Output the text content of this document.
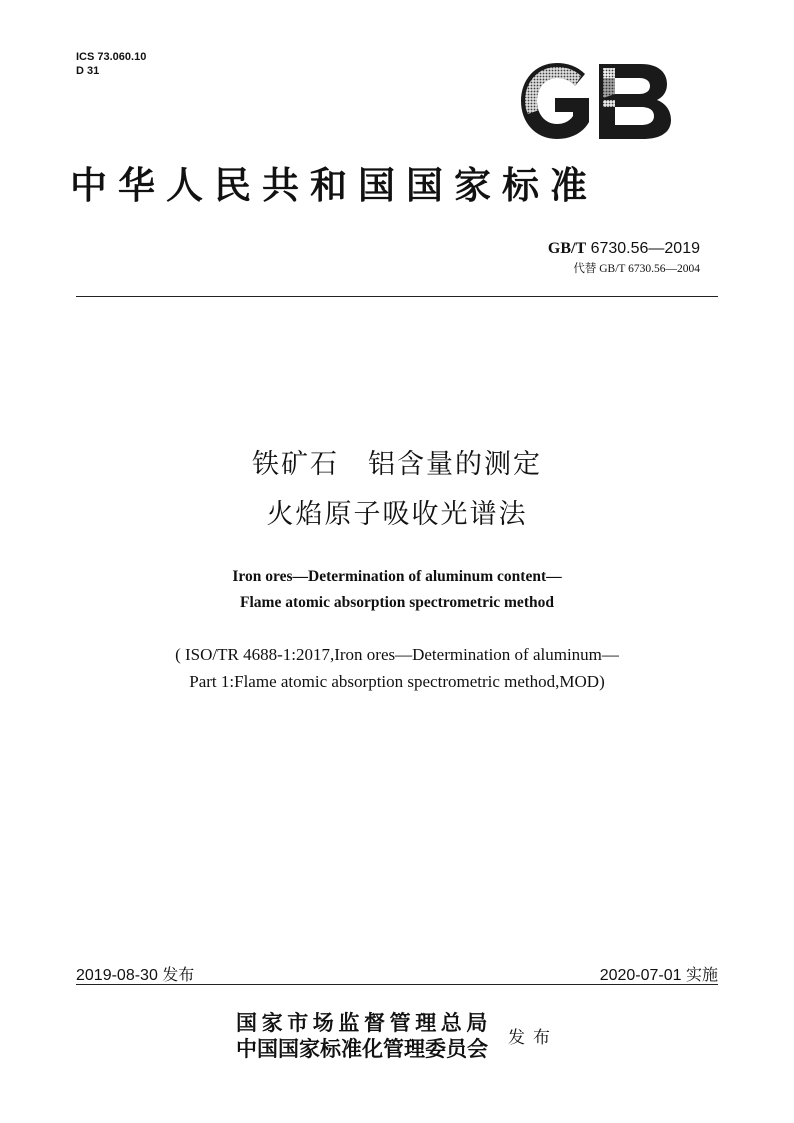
ICS 73.060.10
D 31
中华人民共和国国家标准
GB/T 6730.56—2019
代替 GB/T 6730.56—2004
铁矿石　铝含量的测定
火焰原子吸收光谱法
Iron ores—Determination of aluminum content—
Flame atomic absorption spectrometric method
( ISO/TR 4688-1:2017,Iron ores—Determination of aluminum—
Part 1:Flame atomic absorption spectrometric method,MOD)
2019-08-30 发布	2020-07-01 实施
国家市场监督管理总局
中国国家标准化管理委员会 发布
